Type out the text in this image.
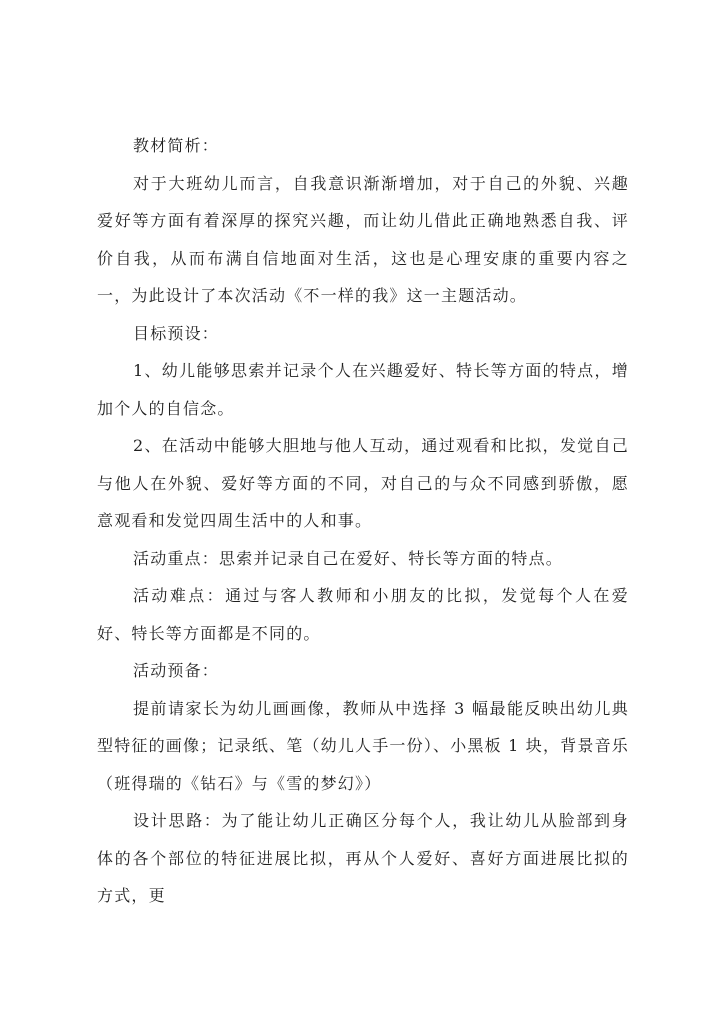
教材简析：

对于大班幼儿而言，自我意识渐渐增加，对于自己的外貌、兴趣爱好等方面有着深厚的探究兴趣，而让幼儿借此正确地熟悉自我、评价自我，从而布满自信地面对生活，这也是心理安康的重要内容之一，为此设计了本次活动《不一样的我》这一主题活动。

目标预设：

1、幼儿能够思索并记录个人在兴趣爱好、特长等方面的特点，增加个人的自信念。

2、在活动中能够大胆地与他人互动，通过观看和比拟，发觉自己与他人在外貌、爱好等方面的不同，对自己的与众不同感到骄傲，愿意观看和发觉四周生活中的人和事。

活动重点：思索并记录自己在爱好、特长等方面的特点。

活动难点：通过与客人教师和小朋友的比拟，发觉每个人在爱好、特长等方面都是不同的。

活动预备：

提前请家长为幼儿画画像，教师从中选择 3 幅最能反映出幼儿典型特征的画像；记录纸、笔（幼儿人手一份）、小黑板 1 块，背景音乐（班得瑞的《钻石》与《雪的梦幻》）

设计思路：为了能让幼儿正确区分每个人，我让幼儿从脸部到身体的各个部位的特征进展比拟，再从个人爱好、喜好方面进展比拟的方式，更
